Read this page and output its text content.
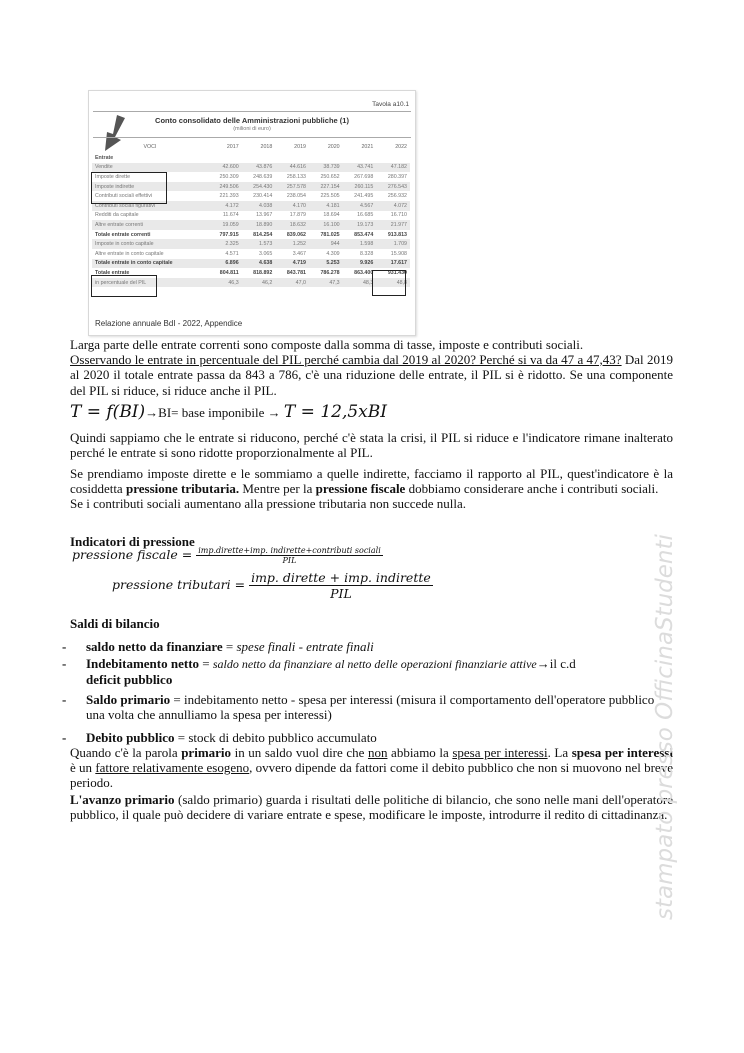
Tavola a10.1
Conto consolidato delle Amministrazioni pubbliche (1)
(milioni di euro)
VOCI	2017	2018	2019	2020	2021	2022
Entrate						
Vendite	42.600	43.876	44.616	38.739	43.741	47.182
Imposte dirette	250.309	248.639	258.133	250.652	267.698	280.397
Imposte indirette	249.506	254.430	257.578	227.154	260.115	276.543
Contributi sociali effettivi	221.393	230.414	238.054	225.505	241.495	256.932
Contributi sociali figurativi	4.172	4.038	4.170	4.181	4.567	4.072
Redditi da capitale	11.674	13.967	17.879	18.694	16.685	16.710
Altre entrate correnti	19.059	18.890	18.632	16.100	19.173	21.977
Totale entrate correnti	797.915	814.254	839.062	781.025	853.474	913.813
Imposte in conto capitale	2.325	1.573	1.252	944	1.598	1.709
Altre entrate in conto capitale	4.571	3.065	3.467	4.309	8.328	15.908
Totale entrate in conto capitale	6.896	4.638	4.719	5.253	9.926	17.617
Totale entrate	804.811	818.892	843.781	786.278	863.400	931.430
in percentuale del PIL	46,3	46,2	47,0	47,3	48,3	48,8
Relazione annuale BdI - 2022, Appendice
Larga parte delle entrate correnti sono composte dalla somma di tasse, imposte e contributi sociali.
Osservando le entrate in percentuale del PIL perché cambia dal 2019 al 2020? Perché si va da 47 a 47,43? Dal 2019 al 2020 il totale entrate passa da 843 a 786, c'è una riduzione delle entrate, il PIL si è ridotto. Se una componente del PIL si riduce, si riduce anche il PIL.
T = f(BI)→BI= base imponibile → T = 12,5xBI
Quindi sappiamo che le entrate si riducono, perché c'è stata la crisi, il PIL si riduce e l'indicatore rimane inalterato perché le entrate si sono ridotte proporzionalmente al PIL.
Se prendiamo imposte dirette e le sommiamo a quelle indirette, facciamo il rapporto al PIL, quest'indicatore è la cosiddetta pressione tributaria. Mentre per la pressione fiscale dobbiamo considerare anche i contributi sociali.
Se i contributi sociali aumentano alla pressione tributaria non succede nulla.
Indicatori di pressione
pressione fiscale = $\frac{\text{imp.dirette+imp. indirette+contributi sociali}}{\text{PIL}}$
pressione tributari = $\frac{\text{imp. dirette + imp. indirette}}{\text{PIL}}$
Saldi di bilancio
- saldo netto da finanziare = spese finali - entrate finali
- Indebitamento netto = saldo netto da finanziare al netto delle operazioni finanziarie attive→il c.d
deficit pubblico
- Saldo primario = indebitamento netto - spesa per interessi (misura il comportamento dell'operatore pubblico una volta che annulliamo la spesa per interessi)
- Debito pubblico = stock di debito pubblico accumulato
Quando c'è la parola primario in un saldo vuol dire che non abbiamo la spesa per interessi. La spesa per interessi è un fattore relativamente esogeno, ovvero dipende da fattori come il debito pubblico che non si muovono nel breve periodo.
L'avanzo primario (saldo primario) guarda i risultati delle politiche di bilancio, che sono nelle mani dell'operatore pubblico, il quale può decidere di variare entrate e spese, modificare le imposte, introdurre il redito di cittadinanza.
stampato presso OfficinaStudenti
